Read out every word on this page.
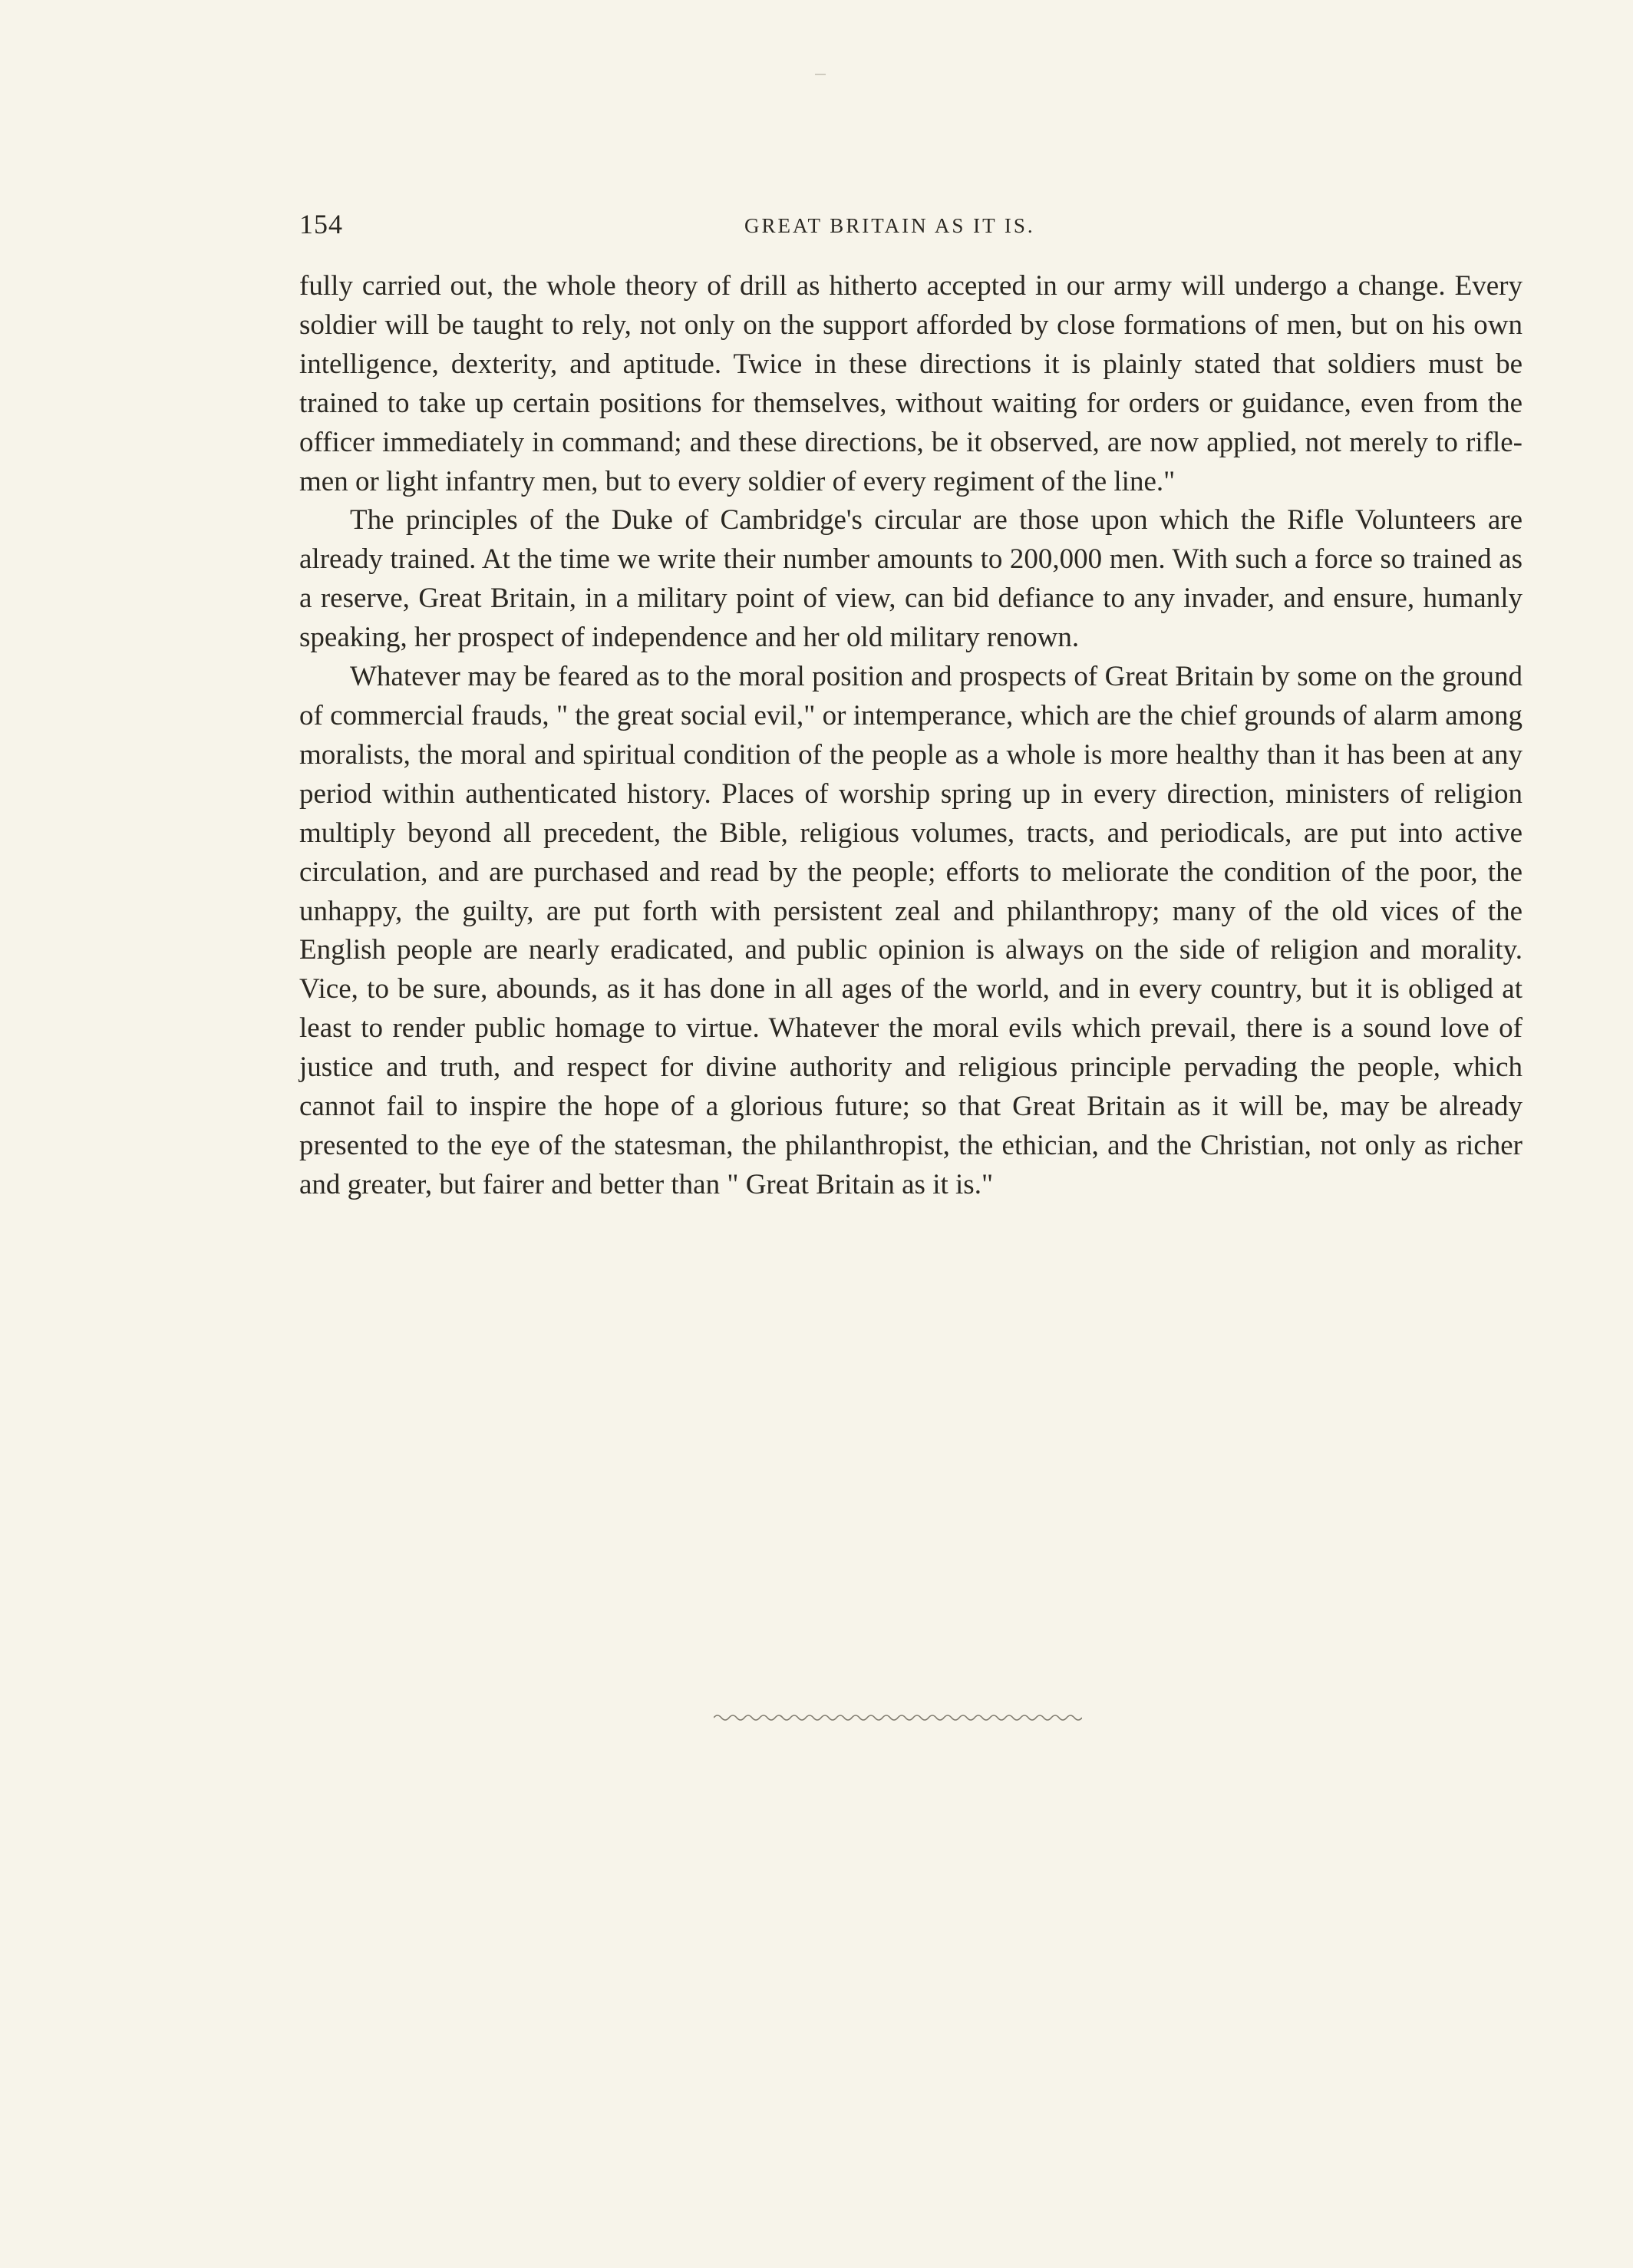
154	GREAT BRITAIN AS IT IS.

fully carried out, the whole theory of drill as hitherto accepted in our army will undergo a change. Every soldier will be taught to rely, not only on the support afforded by close formations of men, but on his own intelligence, dexterity, and aptitude. Twice in these directions it is plainly stated that soldiers must be trained to take up certain positions for themselves, without waiting for orders or guidance, even from the officer immediately in command; and these directions, be it observed, are now applied, not merely to rifle-men or light infantry men, but to every soldier of every regiment of the line."

The principles of the Duke of Cambridge's circular are those upon which the Rifle Volunteers are already trained. At the time we write their number amounts to 200,000 men. With such a force so trained as a reserve, Great Britain, in a military point of view, can bid defiance to any invader, and ensure, humanly speaking, her prospect of independence and her old military renown.

Whatever may be feared as to the moral position and prospects of Great Britain by some on the ground of commercial frauds, " the great social evil," or intemperance, which are the chief grounds of alarm among moralists, the moral and spiritual condition of the people as a whole is more healthy than it has been at any period within authenticated history. Places of worship spring up in every direction, ministers of religion multiply beyond all precedent, the Bible, religious volumes, tracts, and periodicals, are put into active circulation, and are purchased and read by the people; efforts to meliorate the condition of the poor, the unhappy, the guilty, are put forth with persistent zeal and philanthropy; many of the old vices of the English people are nearly eradicated, and public opinion is always on the side of religion and morality. Vice, to be sure, abounds, as it has done in all ages of the world, and in every country, but it is obliged at least to render public homage to virtue. Whatever the moral evils which prevail, there is a sound love of justice and truth, and respect for divine authority and religious principle pervading the people, which cannot fail to inspire the hope of a glorious future; so that Great Britain as it will be, may be already presented to the eye of the statesman, the philanthropist, the ethician, and the Christian, not only as richer and greater, but fairer and better than " Great Britain as it is."
